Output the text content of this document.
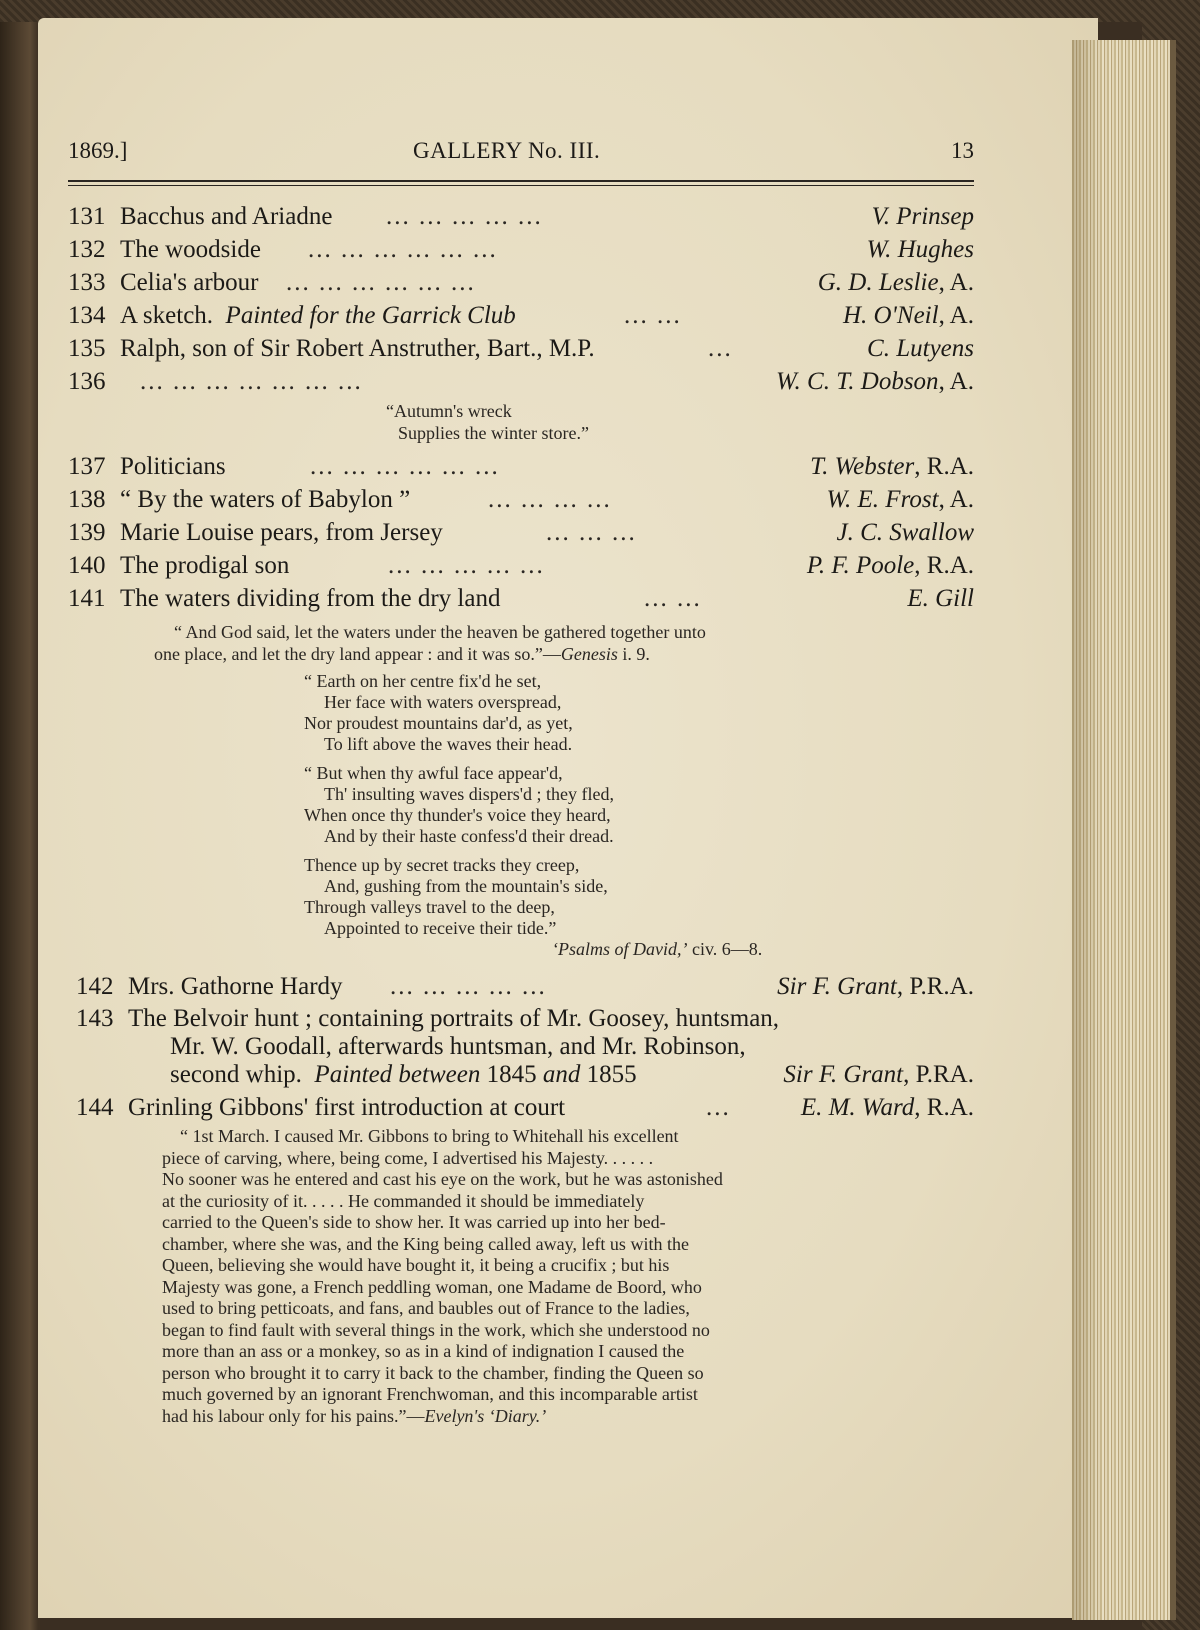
1869.]	GALLERY No. III.	13
131 Bacchus and Ariadne ... ... ... ... ...	V. Prinsep
132 The woodside ... ... ... ... ... ...	W. Hughes
133 Celia's arbour ... ... ... ... ... ...	G. D. Leslie, A.
134 A sketch. Painted for the Garrick Club	... ...	H. O'Neil, A.
135 Ralph, son of Sir Robert Anstruther, Bart., M.P.	...	C. Lutyens
136 ... ... ... ... ... ... ...	W. C. T. Dobson, A.
“Autumn's wreck
Supplies the winter store.”
137 Politicians	... ... ... ... ... ...	T. Webster, R.A.
138 “ By the waters of Babylon ”	... ... ... ...	W. E. Frost, A.
139 Marie Louise pears, from Jersey	... ... ...	J. C. Swallow
140 The prodigal son	... ... ... ... ...	P. F. Poole, R.A.
141 The waters dividing from the dry land	... ...	E. Gill
“ And God said, let the waters under the heaven be gathered together unto
one place, and let the dry land appear : and it was so.”—Genesis i. 9.
“ Earth on her centre fix'd he set,
Her face with waters overspread,
Nor proudest mountains dar'd, as yet,
To lift above the waves their head.
“ But when thy awful face appear'd,
Th' insulting waves dispers'd ; they fled,
When once thy thunder's voice they heard,
And by their haste confess'd their dread.
Thence up by secret tracks they creep,
And, gushing from the mountain's side,
Through valleys travel to the deep,
Appointed to receive their tide.”
‘Psalms of David,’ civ. 6—8.
142 Mrs. Gathorne Hardy ... ... ... ... ...	Sir F. Grant, P.R.A.
143 The Belvoir hunt ; containing portraits of Mr. Goosey, huntsman,
Mr. W. Goodall, afterwards huntsman, and Mr. Robinson,
second whip. Painted between 1845 and 1855	Sir F. Grant, P.RA.
144 Grinling Gibbons' first introduction at court	...	E. M. Ward, R.A.
“ 1st March. I caused Mr. Gibbons to bring to Whitehall his excellent
piece of carving, where, being come, I advertised his Majesty. . . . . .
No sooner was he entered and cast his eye on the work, but he was astonished
at the curiosity of it. . . . . He commanded it should be immediately
carried to the Queen's side to show her. It was carried up into her bed-
chamber, where she was, and the King being called away, left us with the
Queen, believing she would have bought it, it being a crucifix ; but his
Majesty was gone, a French peddling woman, one Madame de Boord, who
used to bring petticoats, and fans, and baubles out of France to the ladies,
began to find fault with several things in the work, which she understood no
more than an ass or a monkey, so as in a kind of indignation I caused the
person who brought it to carry it back to the chamber, finding the Queen so
much governed by an ignorant Frenchwoman, and this incomparable artist
had his labour only for his pains.”—Evelyn's ‘Diary.’
